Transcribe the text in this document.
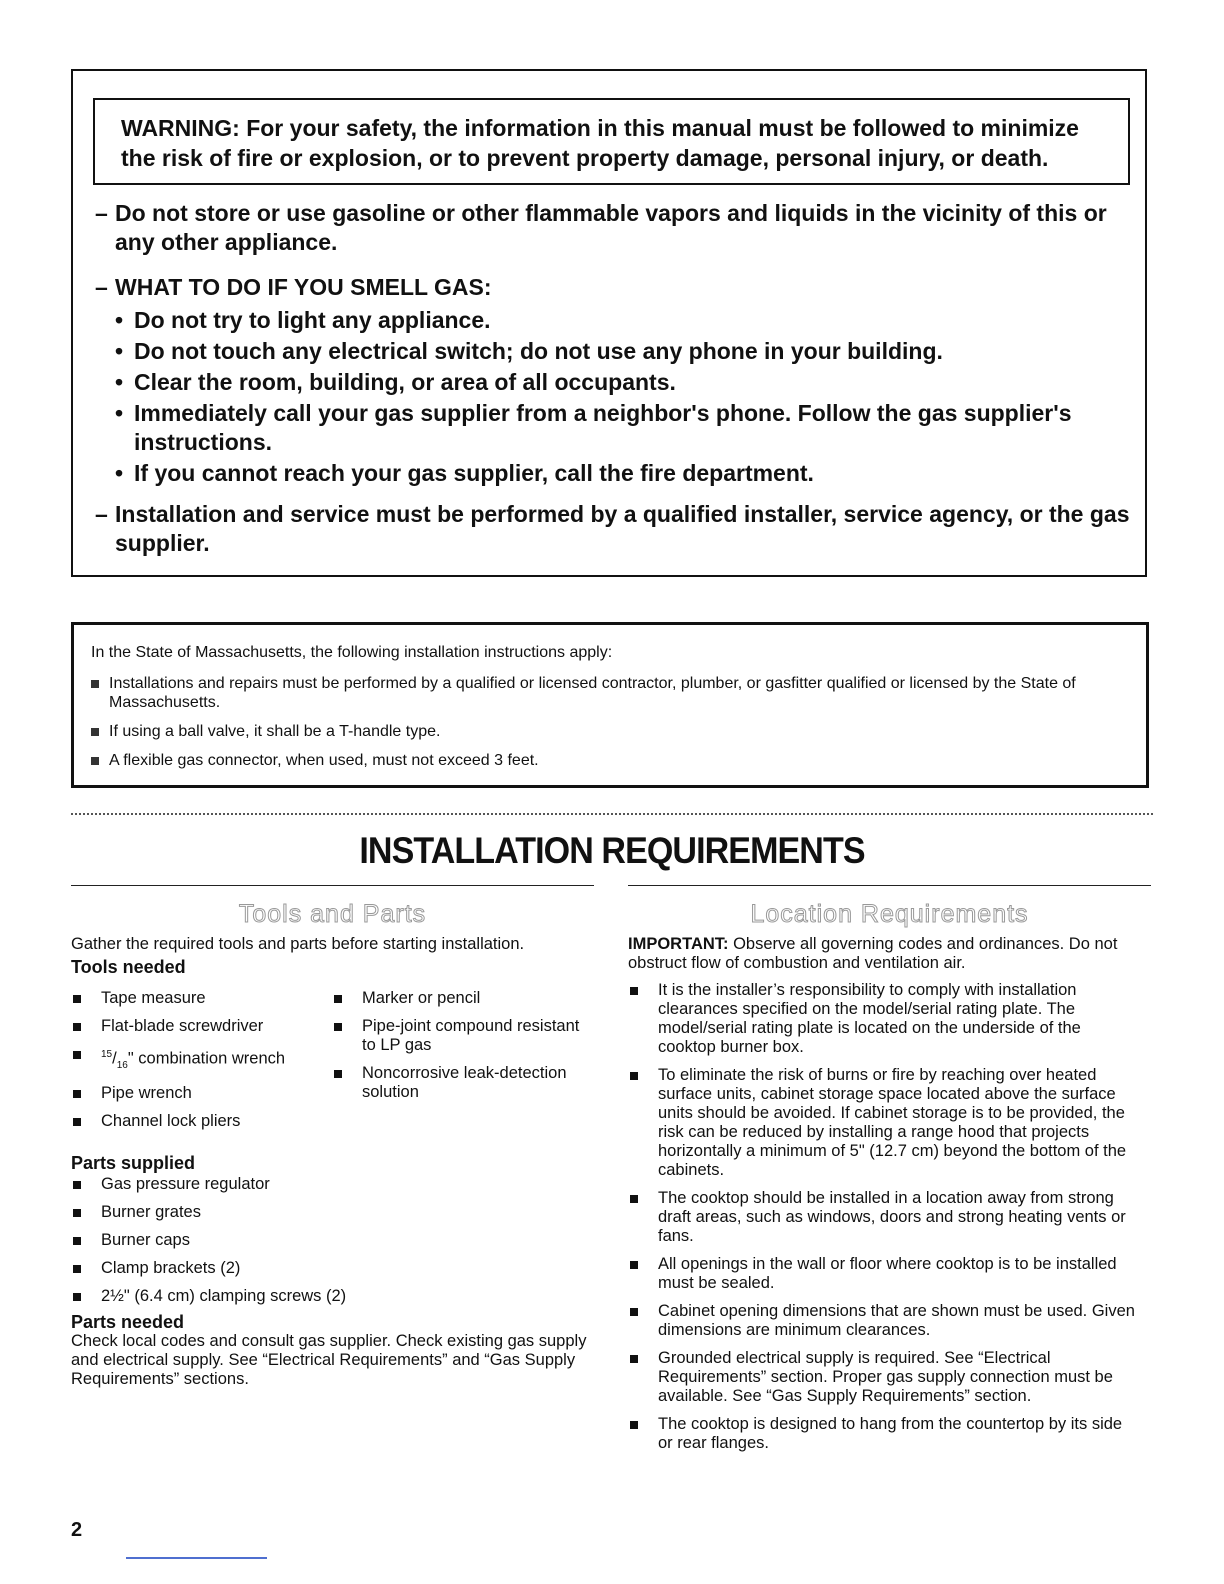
WARNING: For your safety, the information in this manual must be followed to minimize
the risk of fire or explosion, or to prevent property damage, personal injury, or death.
– Do not store or use gasoline or other flammable vapors and liquids in the vicinity of this or any other appliance.
– WHAT TO DO IF YOU SMELL GAS:
• Do not try to light any appliance.
• Do not touch any electrical switch; do not use any phone in your building.
• Clear the room, building, or area of all occupants.
• Immediately call your gas supplier from a neighbor's phone. Follow the gas supplier's instructions.
• If you cannot reach your gas supplier, call the fire department.
– Installation and service must be performed by a qualified installer, service agency, or the gas supplier.

In the State of Massachusetts, the following installation instructions apply:

Installations and repairs must be performed by a qualified or licensed contractor, plumber, or gasfitter qualified or licensed by the State of Massachusetts.
If using a ball valve, it shall be a T-handle type.
A flexible gas connector, when used, must not exceed 3 feet.
INSTALLATION REQUIREMENTS
Tools and Parts	Location Requirements
Gather the required tools and parts before starting installation.

Tools needed

Tape measure
Flat-blade screwdriver
$^{15}/_{16}$" combination wrench
Pipe wrench
Channel lock pliers
Marker or pencil
Pipe-joint compound resistant to LP gas
Noncorrosive leak-detection solution

Parts supplied

Gas pressure regulator
Burner grates
Burner caps
Clamp brackets (2)
2½" (6.4 cm) clamping screws (2)

Parts needed

Check local codes and consult gas supplier. Check existing gas supply and electrical supply. See “Electrical Requirements” and “Gas Supply Requirements” sections.
IMPORTANT: Observe all governing codes and ordinances. Do not obstruct flow of combustion and ventilation air.
It is the installer’s responsibility to comply with installation clearances specified on the model/serial rating plate. The model/serial rating plate is located on the underside of the cooktop burner box.
To eliminate the risk of burns or fire by reaching over heated surface units, cabinet storage space located above the surface units should be avoided. If cabinet storage is to be provided, the risk can be reduced by installing a range hood that projects horizontally a minimum of 5" (12.7 cm) beyond the bottom of the cabinets.
The cooktop should be installed in a location away from strong draft areas, such as windows, doors and strong heating vents or fans.
All openings in the wall or floor where cooktop is to be installed must be sealed.
Cabinet opening dimensions that are shown must be used. Given dimensions are minimum clearances.
Grounded electrical supply is required. See “Electrical Requirements” section. Proper gas supply connection must be available. See “Gas Supply Requirements” section.
The cooktop is designed to hang from the countertop by its side or rear flanges.
2
